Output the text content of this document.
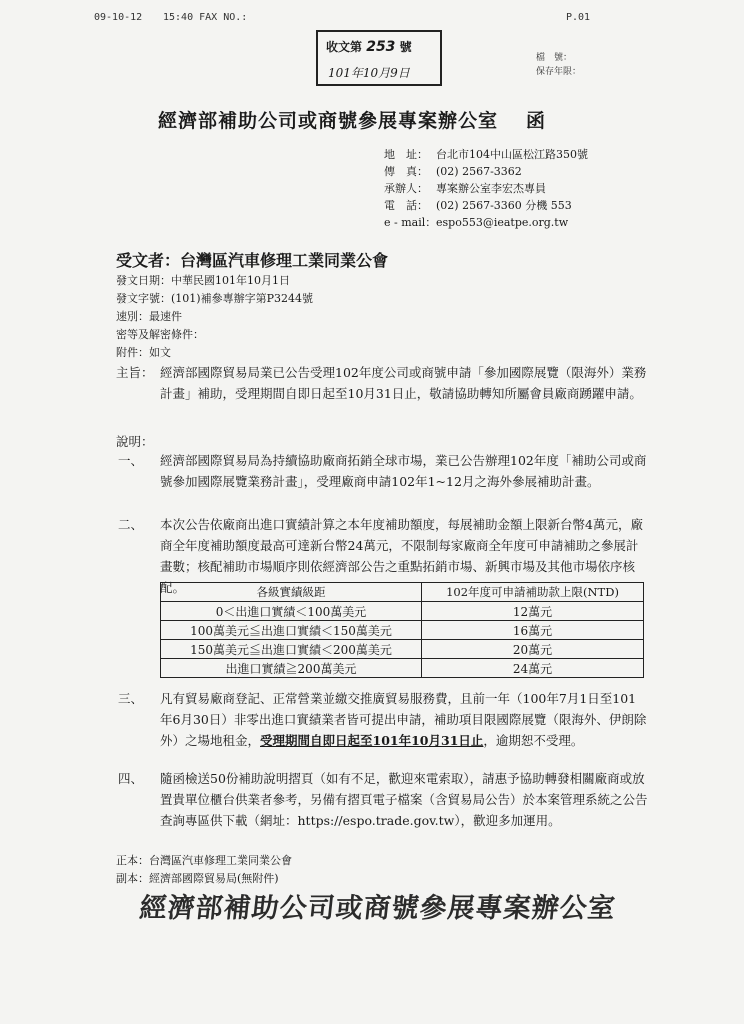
09-10-12 15:40 FAX NO.:	P.01
收文第 253 號
101年10月9日
檔　號：
保存年限：
經濟部補助公司或商號參展專案辦公室 函
地　址： 台北市104中山區松江路350號
傳　真： (02) 2567-3362
承辦人： 專案辦公室李宏杰專員
電　話： (02) 2567-3360 分機 553
e - mail：espo553@ieatpe.org.tw
受文者：台灣區汽車修理工業同業公會
發文日期：中華民國101年10月1日
發文字號：(101)補參專辦字第P3244號
速別：最速件
密等及解密條件：
附件：如文
主旨： 經濟部國際貿易局業已公告受理102年度公司或商號申請「參加國際展覽（限海外）業務計畫」補助，受理期間自即日起至10月31日止，敬請協助轉知所屬會員廠商踴躍申請。
說明：
一、 經濟部國際貿易局為持續協助廠商拓銷全球市場，業已公告辦理102年度「補助公司或商號參加國際展覽業務計畫」，受理廠商申請102年1~12月之海外參展補助計畫。
二、 本次公告依廠商出進口實績計算之本年度補助額度，每展補助金額上限新台幣4萬元，廠商全年度補助額度最高可達新台幣24萬元，不限制每家廠商全年度可申請補助之參展計畫數；核配補助市場順序則依經濟部公告之重點拓銷市場、新興市場及其他市場依序核配。	各級實績級距	102年度可申請補助款上限(NTD)
0＜出進口實績＜100萬美元	12萬元
100萬美元≦出進口實績＜150萬美元	16萬元
150萬美元≦出進口實績＜200萬美元	20萬元
出進口實績≧200萬美元	24萬元
三、 凡有貿易廠商登記、正常營業並繳交推廣貿易服務費，且前一年（100年7月1日至101年6月30日）非零出進口實績業者皆可提出申請，補助項目限國際展覽（限海外、伊朗除外）之場地租金，受理期間自即日起至101年10月31日止，逾期恕不受理。
四、 隨函檢送50份補助說明摺頁（如有不足，歡迎來電索取），請惠予協助轉發相關廠商或放置貴單位櫃台供業者參考，另備有摺頁電子檔案（含貿易局公告）於本案管理系統之公告查詢專區供下載（網址：https://espo.trade.gov.tw），歡迎多加運用。
正本：台灣區汽車修理工業同業公會
副本：經濟部國際貿易局(無附件)
經濟部補助公司或商號參展專案辦公室
